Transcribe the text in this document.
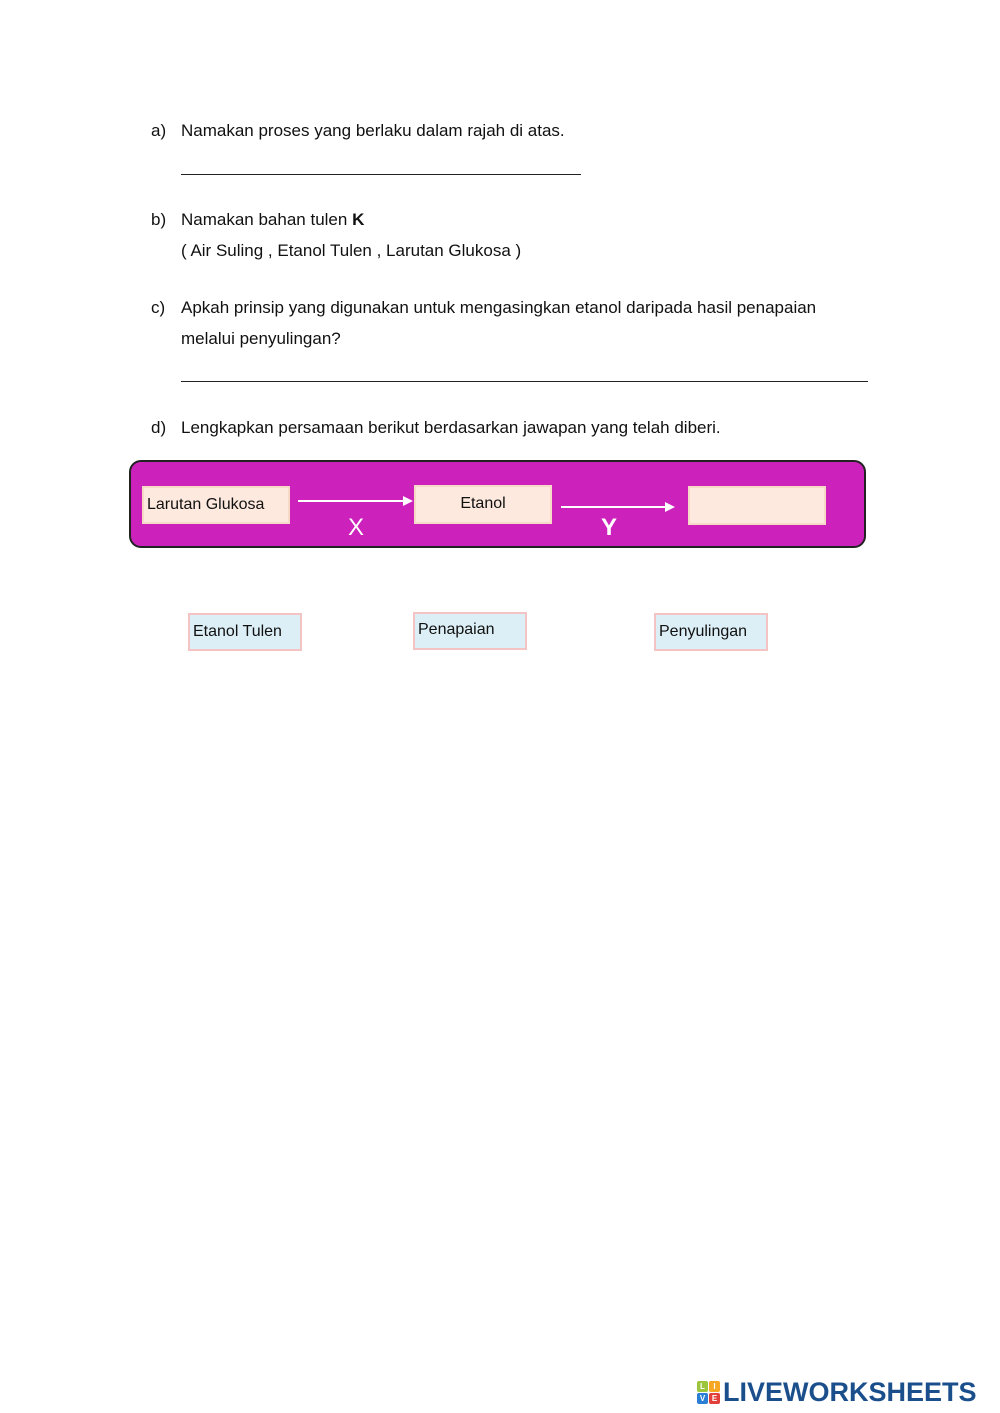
a) Namakan proses yang berlaku dalam rajah di atas.
b) Namakan bahan tulen K
( Air Suling , Etanol Tulen , Larutan Glukosa )
c) Apkah prinsip yang digunakan untuk mengasingkan etanol daripada hasil penapaian
melalui penyulingan?
d) Lengkapkan persamaan berikut berdasarkan jawapan yang telah diberi.
Larutan Glukosa
X
Etanol
Y
Etanol Tulen	Penapaian	Penyulingan
L	I
V E LIVEWORKSHEETS
